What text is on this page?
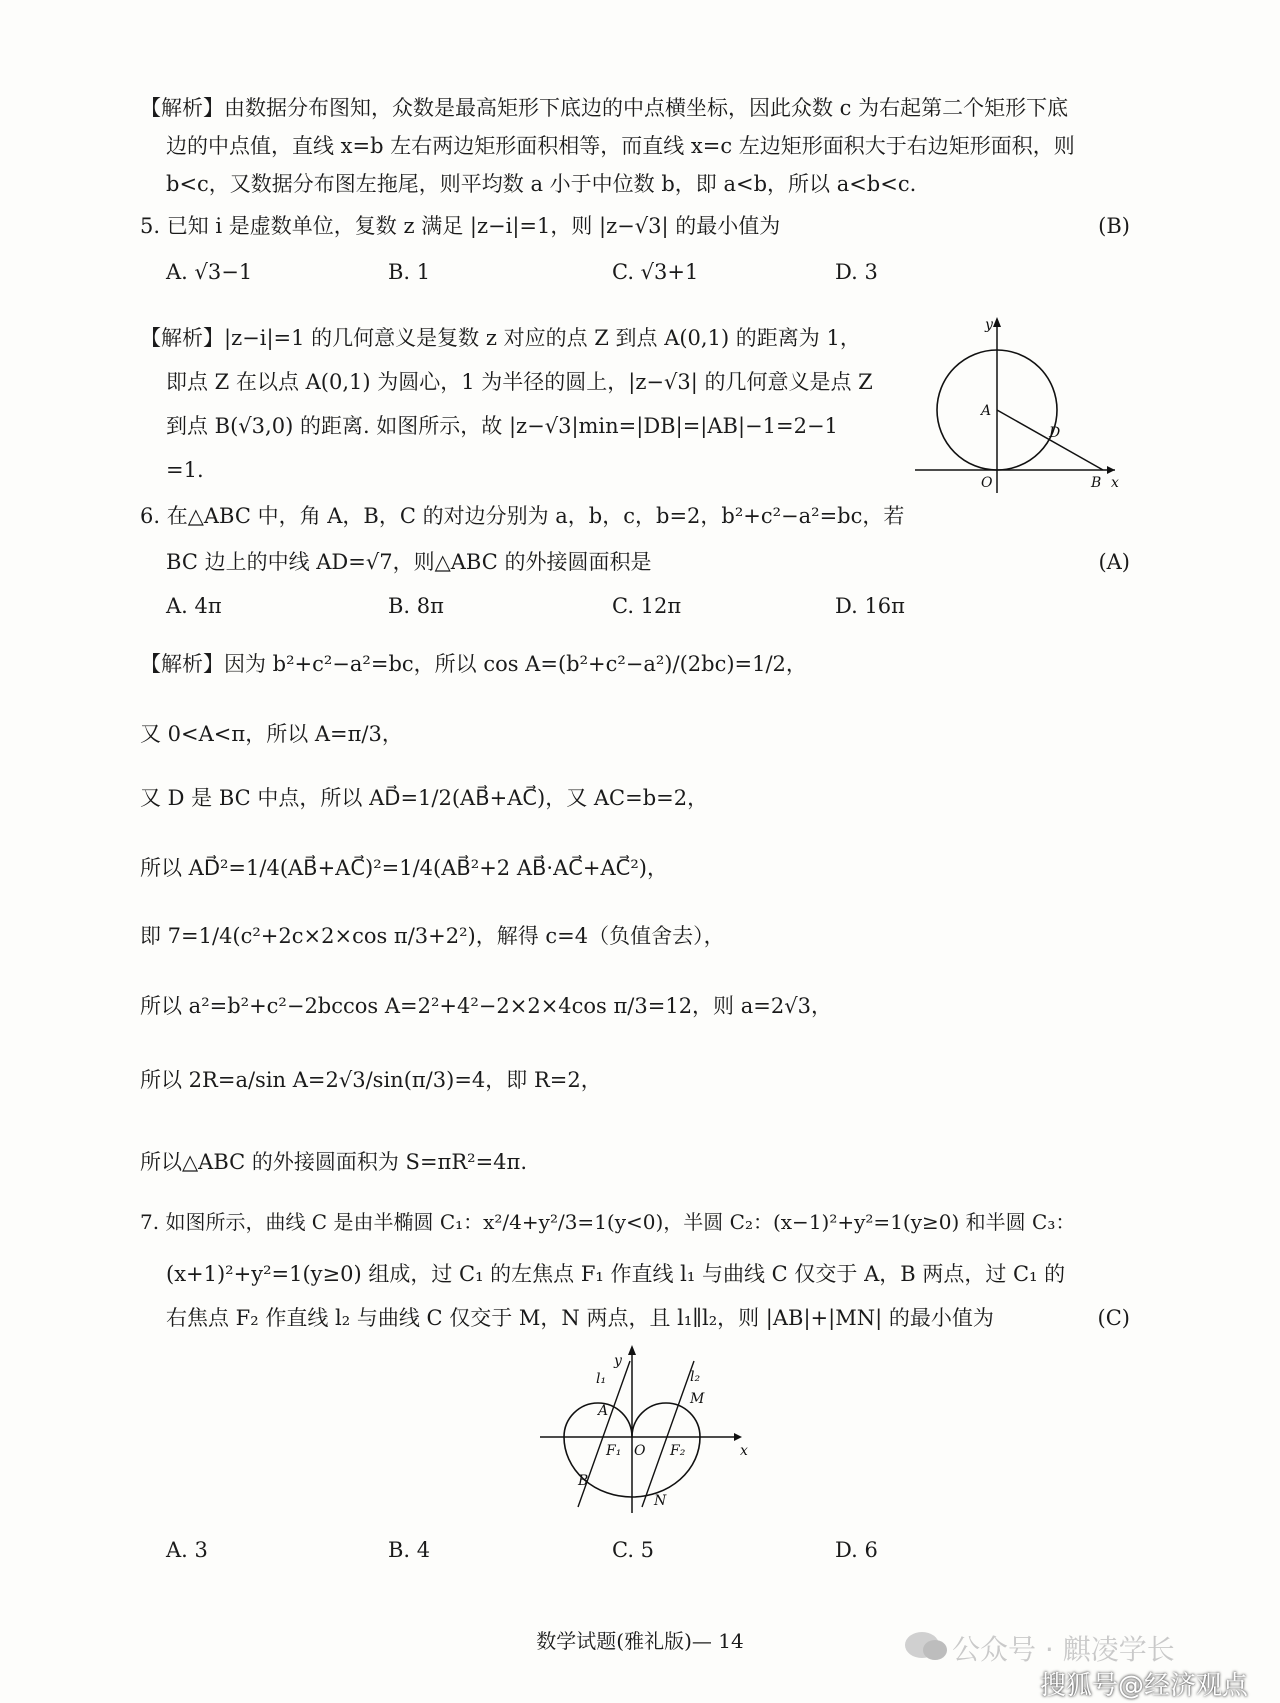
【解析】由数据分布图知，众数是最高矩形下底边的中点横坐标，因此众数 c 为右起第二个矩形下底
边的中点值，直线 x=b 左右两边矩形面积相等，而直线 x=c 左边矩形面积大于右边矩形面积，则
b<c，又数据分布图左拖尾，则平均数 a 小于中位数 b，即 a<b，所以 a<b<c.
5. 已知 i 是虚数单位，复数 z 满足 |z−i|=1，则 |z−√3| 的最小值为	(B)
A. √3−1	B. 1	C. √3+1	D. 3
【解析】|z−i|=1 的几何意义是复数 z 对应的点 Z 到点 A(0,1) 的距离为 1，
即点 Z 在以点 A(0,1) 为圆心，1 为半径的圆上，|z−√3| 的几何意义是点 Z
到点 B(√3,0) 的距离. 如图所示，故 |z−√3|min=|DB|=|AB|−1=2−1
=1.
y
x
A
D
O	B
6. 在△ABC 中，角 A，B，C 的对边分别为 a，b，c，b=2，b²+c²−a²=bc，若
BC 边上的中线 AD=√7，则△ABC 的外接圆面积是	(A)
A. 4π	B. 8π	C. 12π	D. 16π
【解析】因为 b²+c²−a²=bc，所以 cos A=(b²+c²−a²)/(2bc)=1/2，
又 0<A<π，所以 A=π/3，
又 D 是 BC 中点，所以 AD⃗=1/2(AB⃗+AC⃗)，又 AC=b=2，
所以 AD⃗²=1/4(AB⃗+AC⃗)²=1/4(AB⃗²+2 AB⃗·AC⃗+AC⃗²)，
即 7=1/4(c²+2c×2×cos π/3+2²)，解得 c=4（负值舍去），
所以 a²=b²+c²−2bccos A=2²+4²−2×2×4cos π/3=12，则 a=2√3，
所以 2R=a/sin A=2√3/sin(π/3)=4，即 R=2，
所以△ABC 的外接圆面积为 S=πR²=4π.
7. 如图所示，曲线 C 是由半椭圆 C₁：x²/4+y²/3=1(y<0)，半圆 C₂：(x−1)²+y²=1(y≥0) 和半圆 C₃：
(x+1)²+y²=1(y≥0) 组成，过 C₁ 的左焦点 F₁ 作直线 l₁ 与曲线 C 仅交于 A，B 两点，过 C₁ 的
右焦点 F₂ 作直线 l₂ 与曲线 C 仅交于 M，N 两点，且 l₁∥l₂，则 |AB|+|MN| 的最小值为	(C)
y
x
l₁	l₂
A
M
F₁ O F₂
B
N
A. 3	B. 4	C. 5	D. 6
数学试题(雅礼版)— 14	公众号 · 麒凌学长
搜狐号@经济观点
